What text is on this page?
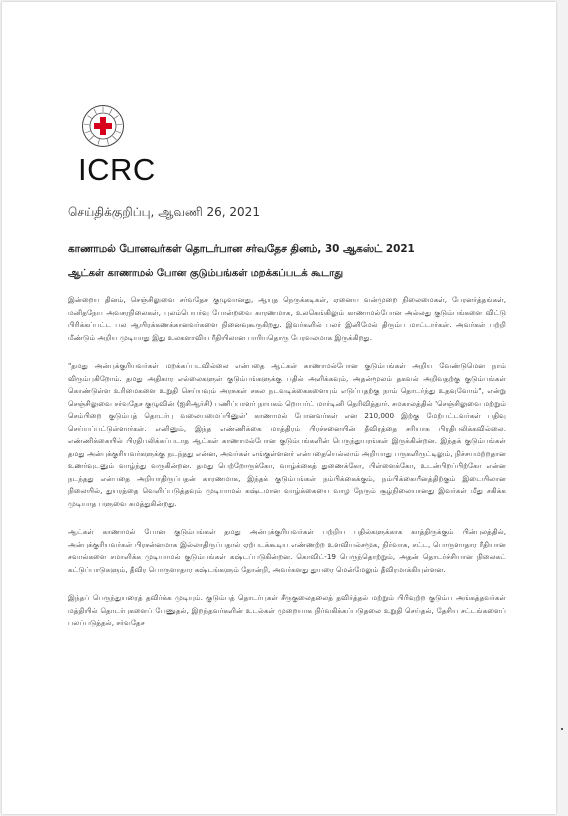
ICRC
செய்திக்குறிப்பு, ஆவணி 26, 2021
காணாமல் போனவர்கள் தொடர்பான சர்வதேச தினம், 30 ஆகஸ்ட் 2021
ஆட்கள் காணாமல் போன குடும்பங்கள் மறக்கப்படக் கூடாது

இன்றைய தினம், செஞ்சிலுவை சர்வதேச குழுவானது, ஆயுத நெருக்கடிகள், ஏனைய வன்முறை நிலைமைகள், பேரனர்த்தங்கள், மனிதநேய அவசரநிலைகள், புலம்பெயர்வு போன்றவை காரணமாக, உலகெங்கிலும் காணாமல்போன அல்லது குடும்பங்களை விட்டு பிரிக்கப்பட்ட பல ஆயிரக்கணக்கானவர்களை நினைவுகூருகிறது. இவர்களில் பலர் இனிமேல் திரும்ப மாட்டார்கள். அவர்கள் பற்றி மீண்டும் அறிய முடியாது இது உலகளாவிய ரீதியிலான பாரியதொரு பேரவலமாக இருக்கிறது.

"தமது அன்புக்குரியவர்கள் மறக்கப்படவில்லை என்பதை ஆட்கள் காணாமல்போன குடும்பங்கள் அறிய வேண்டுமென நாம் விரும்புகிறோம். தமது அதிகார எல்லைகளுள் குடும்பங்களுக்கு பதில் அளிக்கவும், அதன்மூலம் தகவல் அறிவதற்கு குடும்பங்கள் கொண்டுள்ள உரிமைகளை உறுதி செய்யவும் அரசுகள் சகல நடவடிக்கைகளையும் எடுப்பதற்கு நாம் தொடர்ந்து உதவுவோம்", என்று செஞ்சிலுவை சர்வதேச குழுவின் (ஐசிஆர்சி) பணிப்பாளர் நாயகம் றொபர்ட் மார்டினி தெரிவித்தார். சமகாலத்தில் 'செஞ்சிலுவை மற்றும் செம்பிறை குடும்பத் தொடர்பு வலையமைப்பினுள்' காணாமல் போனவர்கள் என 210,000 இற்கு மேற்பட்டவர்கள் பதிவு செய்யப்பட்டுள்ளார்கள். எனினும், இந்த எண்ணிக்கை மாத்திரம் பிரச்சனையின் தீவிரத்தை சரியாக பிரதிபலிக்கவில்லை. எண்ணிக்கையில் பிரதிபலிக்கப்படாத ஆட்கள் காணாமல்போன குடும்பங்களின் பெருந்துயரங்கள் இருக்கின்றன. இந்தக் குடும்பங்கள் தமது அன்புக்குரியவர்களுக்கு நடந்தது என்ன, அவர்கள் எங்குள்ளனர் என்பதையெல்லாம் அறியாது பருகளிருட்டிலும், நிச்சயமற்றதான உணர்வுடனும் வாழ்ந்து வருகின்றன. தமது பெற்றோருக்கோ, வாழ்க்கைத் துணைக்கோ, பிள்ளைக்கோ, உடன்பிறப்பிற்கோ என்ன நடந்தது என்பதை அறியாதிருப்பதன் காரணமாக, இந்தக் குடும்பங்கள் நம்பிக்கைக்கும், நம்பிக்கையீனத்திற்கும் இடையிலான நிலையில், துயரத்தை வெளிப்படுத்தவும் முடியாமல் கஷ்டமான வாழ்க்கையை வாழ நேரும் சூழ்நிலையானது இவர்கள் மீது சகிக்க முடியாத பளுவை சுமத்துகின்றது.

ஆட்கள் காணாமல் போன குடும்பங்கள் தமது அன்புக்குரியவர்கள் பற்றிய பதில்களுக்காக காத்திருக்கும் பின்புலத்தில், அன்புக்குரியவர்கள் பிரசன்னமாக இல்லாதிருப்பதால் ஏற்படக்கூடிய எண்ணற்ற உளவியல்சமூக, நிர்வாக, சட்ட, பொருளாதார ரீதியான சவால்களை சமாளிக்க முடியாமல் குடும்பங்கள் கஷ்டப்படுகின்றன. கொவிட்-19 பெருந்தொற்றும், அதன் தொடர்ச்சியான நிலைகட் கட்டுப்பாடுகளும், தீவிர பொருளாதார கஷ்டங்களும் தோன்றி, அவர்களது துயரை மென்மேலும் தீவிரமாக்கியுள்ளன.

இந்தப் பெருந்துயரைத் தவிர்க்க முடியும். குடும்பத் தொடர்புகள் சீருகுலைதலைத் தவிர்த்தல் மற்றும் பிரிவுற்ற குடும்ப அங்கத்தவர்கள் மத்தியில் தொடர்புகளைப் பேணுதல், இறந்தவர்களின் உடல்கள் முறையாக நிர்வகிக்கப்படுதலை உறுதி செய்தல், தேசிய சட்டங்களைப் பலப்படுத்தல், சர்வதேச
